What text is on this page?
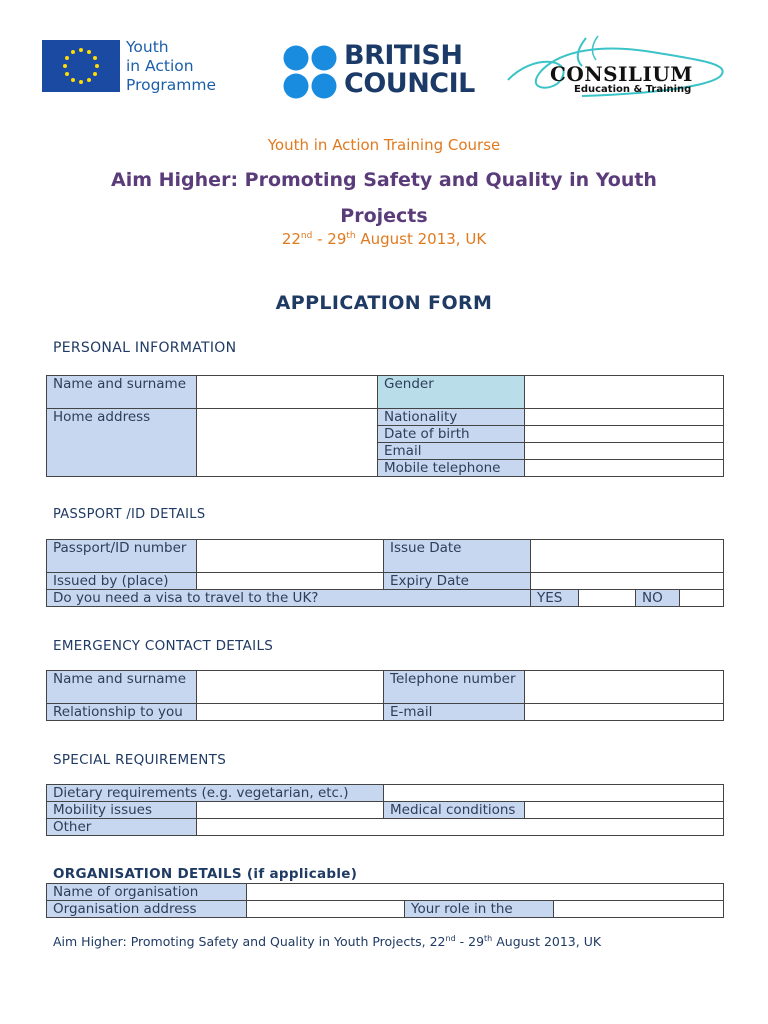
Youth
in Action
Programme
BRITISH
COUNCIL	CONSILIUM
Education & Training
Youth in Action Training Course
Aim Higher: Promoting Safety and Quality in Youth
Projects
22nd - 29th August 2013, UK
APPLICATION FORM
PERSONAL INFORMATION
Name and surname		Gender	
Home address		Nationality	
		Date of birth	
		Email	
		Mobile telephone	
PASSPORT /ID DETAILS
Passport/ID number		Issue Date				
Issued by (place)		Expiry Date				
Do you need a visa to travel to the UK?			YES		NO	
EMERGENCY CONTACT DETAILS
Name and surname		Telephone number	
Relationship to you		E-mail	
SPECIAL REQUIREMENTS
Dietary requirements (e.g. vegetarian, etc.)			
Mobility issues		Medical conditions	
Other			
ORGANISATION DETAILS (if applicable)
Name of organisation			
Organisation address		Your role in the	
Aim Higher: Promoting Safety and Quality in Youth Projects, 22nd - 29th August 2013, UK
